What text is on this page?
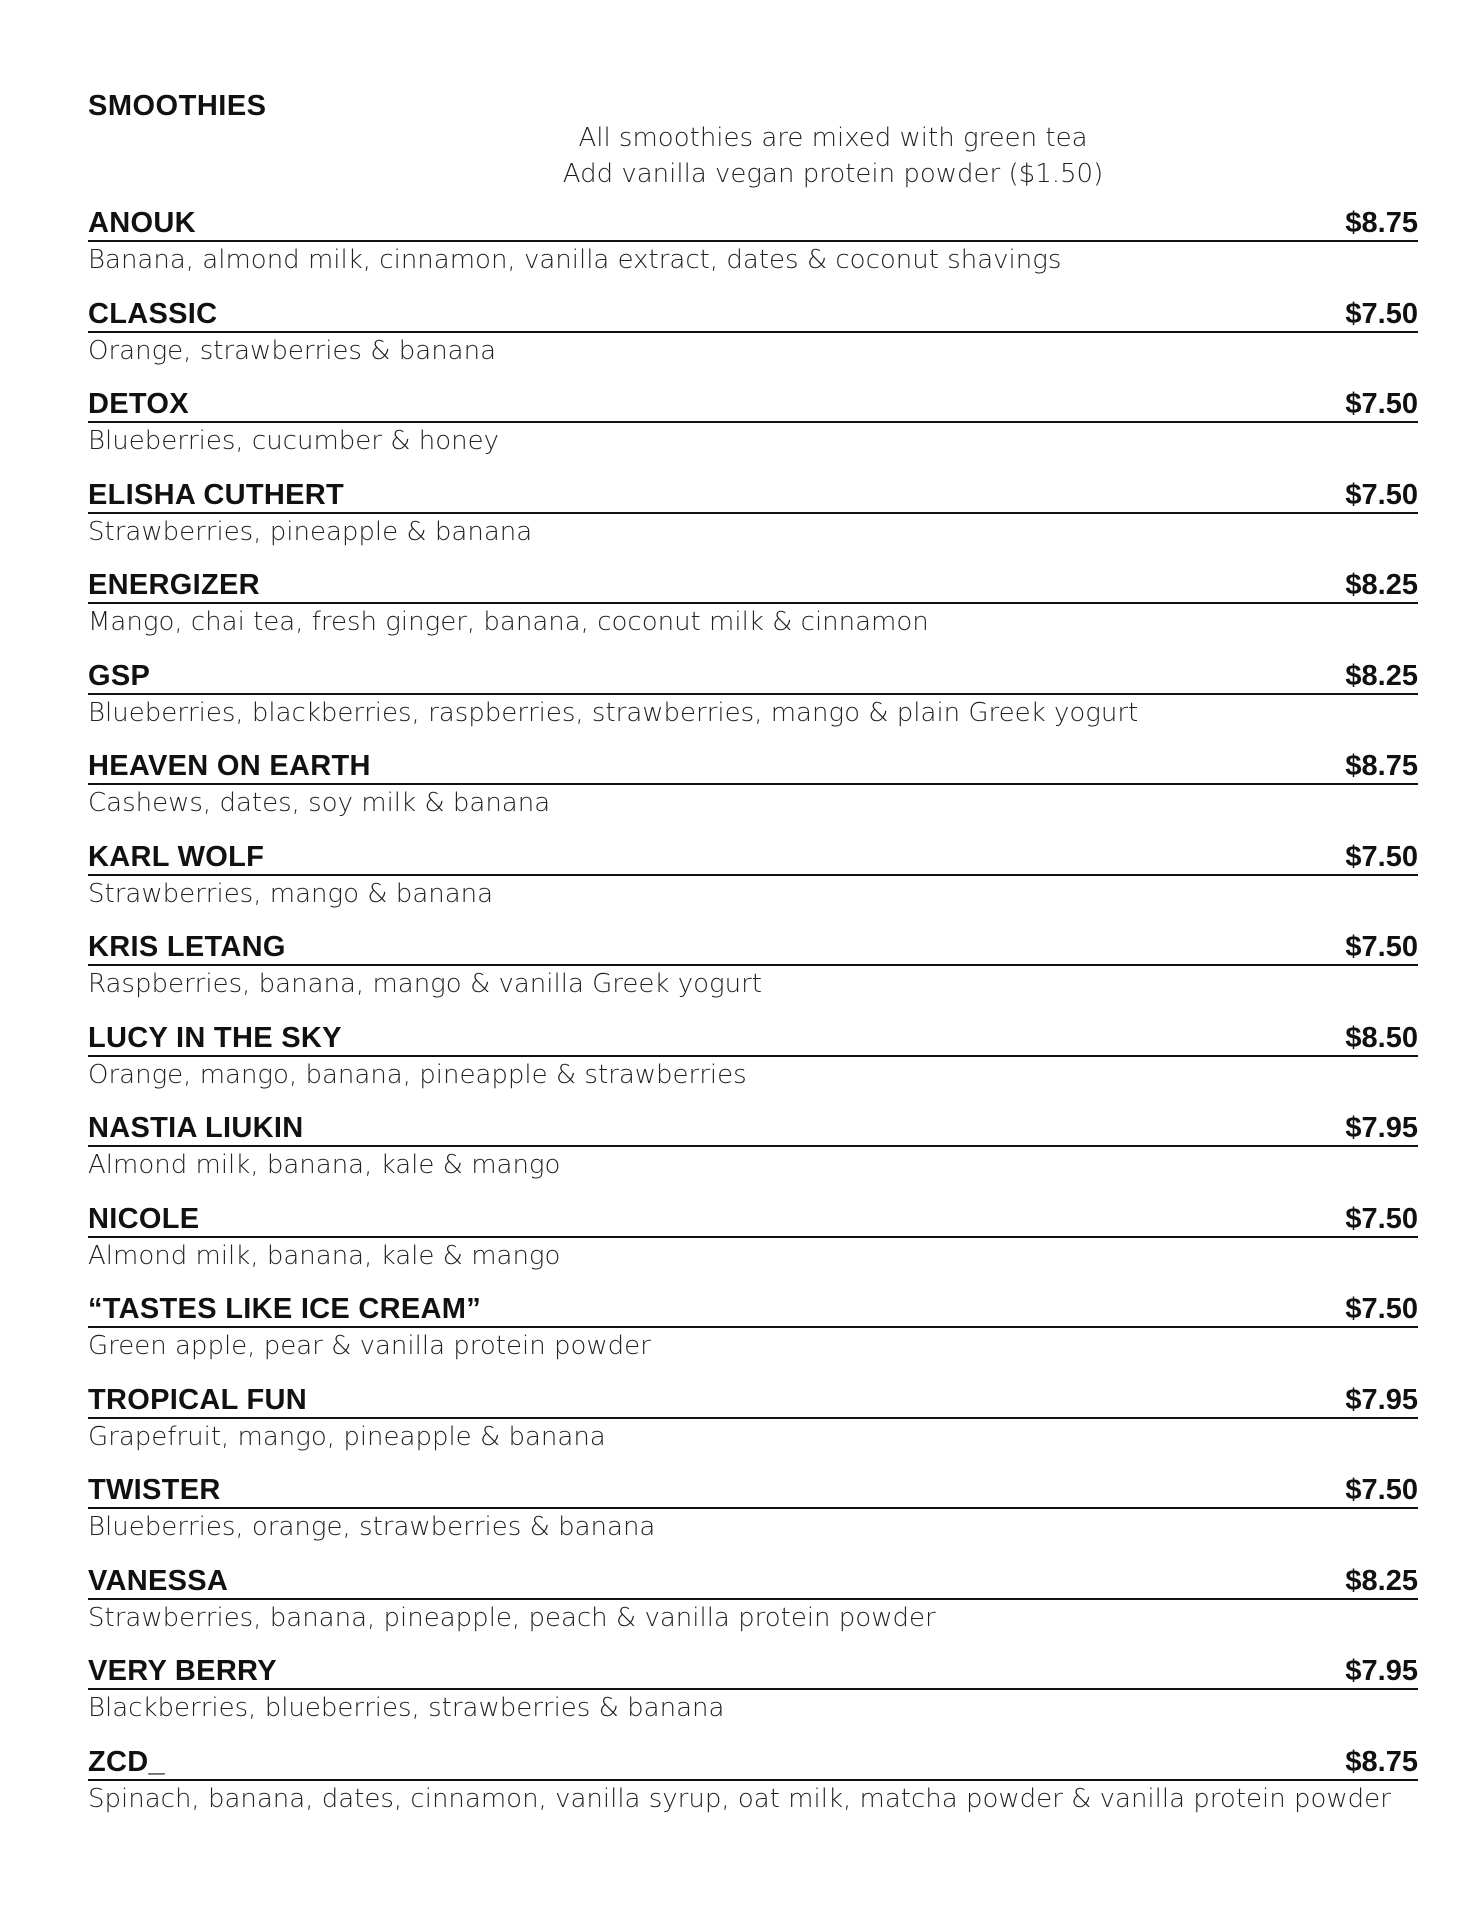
SMOOTHIES

All smoothies are mixed with green tea

Add vanilla vegan protein powder ($1.50)

ANOUK	$8.75
Banana, almond milk, cinnamon, vanilla extract, dates & coconut shavings
CLASSIC	$7.50
Orange, strawberries & banana
DETOX	$7.50
Blueberries, cucumber & honey
ELISHA CUTHERT	$7.50
Strawberries, pineapple & banana
ENERGIZER	$8.25
Mango, chai tea, fresh ginger, banana, coconut milk & cinnamon
GSP	$8.25
Blueberries, blackberries, raspberries, strawberries, mango & plain Greek yogurt
HEAVEN ON EARTH	$8.75
Cashews, dates, soy milk & banana
KARL WOLF	$7.50
Strawberries, mango & banana
KRIS LETANG	$7.50
Raspberries, banana, mango & vanilla Greek yogurt
LUCY IN THE SKY	$8.50
Orange, mango, banana, pineapple & strawberries
NASTIA LIUKIN	$7.95
Almond milk, banana, kale & mango
NICOLE	$7.50
Almond milk, banana, kale & mango
“TASTES LIKE ICE CREAM”	$7.50
Green apple, pear & vanilla protein powder
TROPICAL FUN	$7.95
Grapefruit, mango, pineapple & banana
TWISTER	$7.50
Blueberries, orange, strawberries & banana
VANESSA	$8.25
Strawberries, banana, pineapple, peach & vanilla protein powder
VERY BERRY	$7.95
Blackberries, blueberries, strawberries & banana
ZCD_	$8.75
Spinach, banana, dates, cinnamon, vanilla syrup, oat milk, matcha powder & vanilla protein powder
